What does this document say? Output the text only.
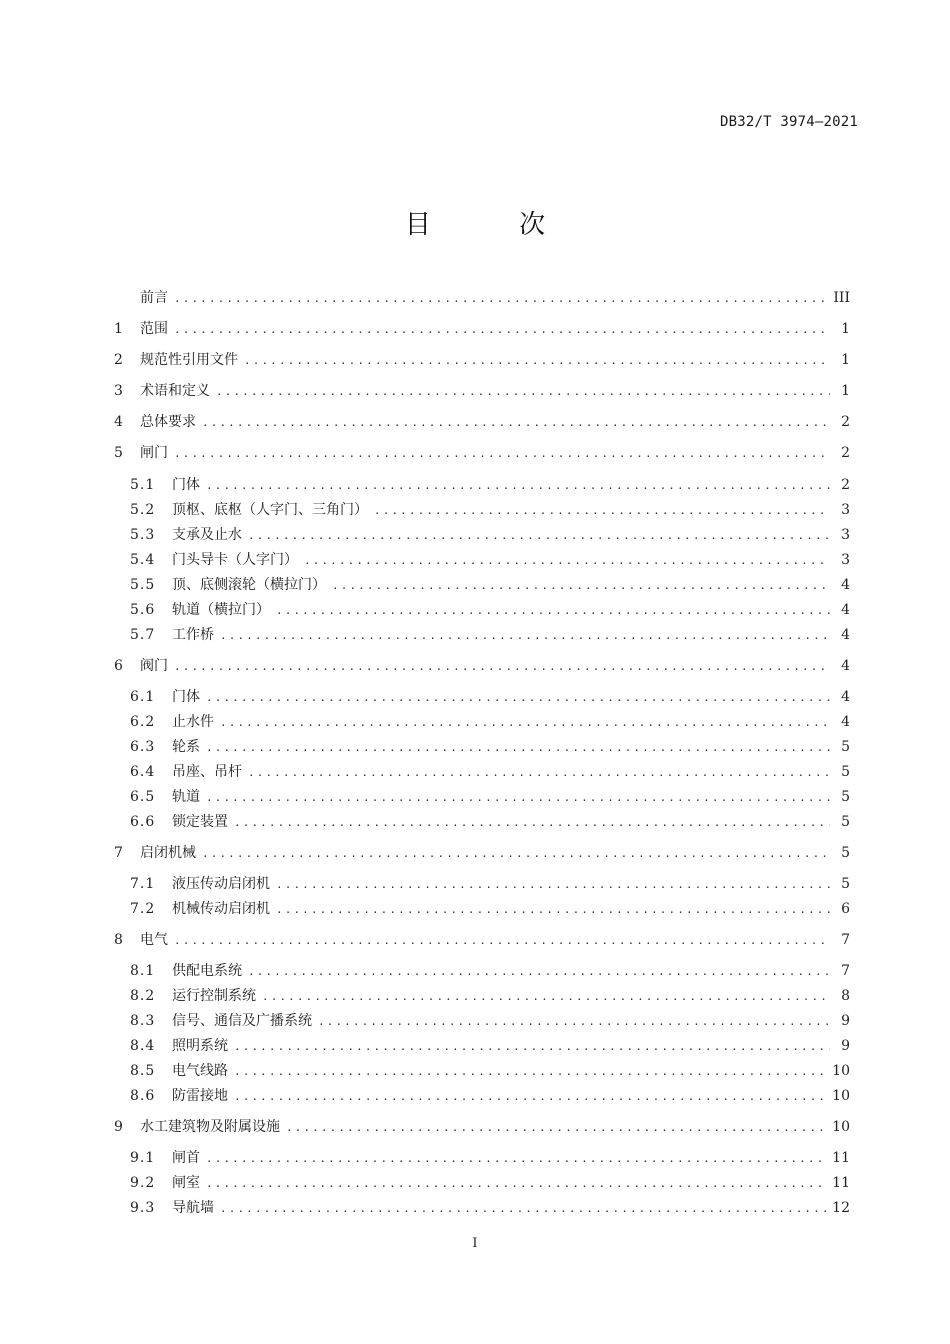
DB32/T 3974—2021
目 次
前言 .....	III
1	范围 .....	1
2	规范性引用文件 .....	1
3	术语和定义 .....	1
4	总体要求 .....	2
5	闸门 .....	2
5.1	门体 .....	2
5.2	顶枢、底枢（人字门、三角门） .....	3
5.3	支承及止水 .....	3
5.4	门头导卡（人字门） .....	3
5.5	顶、底侧滚轮（横拉门） .....	4
5.6	轨道（横拉门） .....	4
5.7	工作桥 .....	4
6	阀门 .....	4
6.1	门体 .....	4
6.2	止水件 .....	4
6.3	轮系 .....	5
6.4	吊座、吊杆 .....	5
6.5	轨道 .....	5
6.6	锁定装置 .....	5
7	启闭机械 .....	5
7.1	液压传动启闭机 .....	5
7.2	机械传动启闭机 .....	6
8	电气 .....	7
8.1	供配电系统 .....	7
8.2	运行控制系统 .....	8
8.3	信号、通信及广播系统 .....	9
8.4	照明系统 .....	9
8.5	电气线路 .....	10
8.6	防雷接地 .....	10
9	水工建筑物及附属设施 .....	10
9.1	闸首 .....	11
9.2	闸室 .....	11
9.3	导航墙 .....	12
I
